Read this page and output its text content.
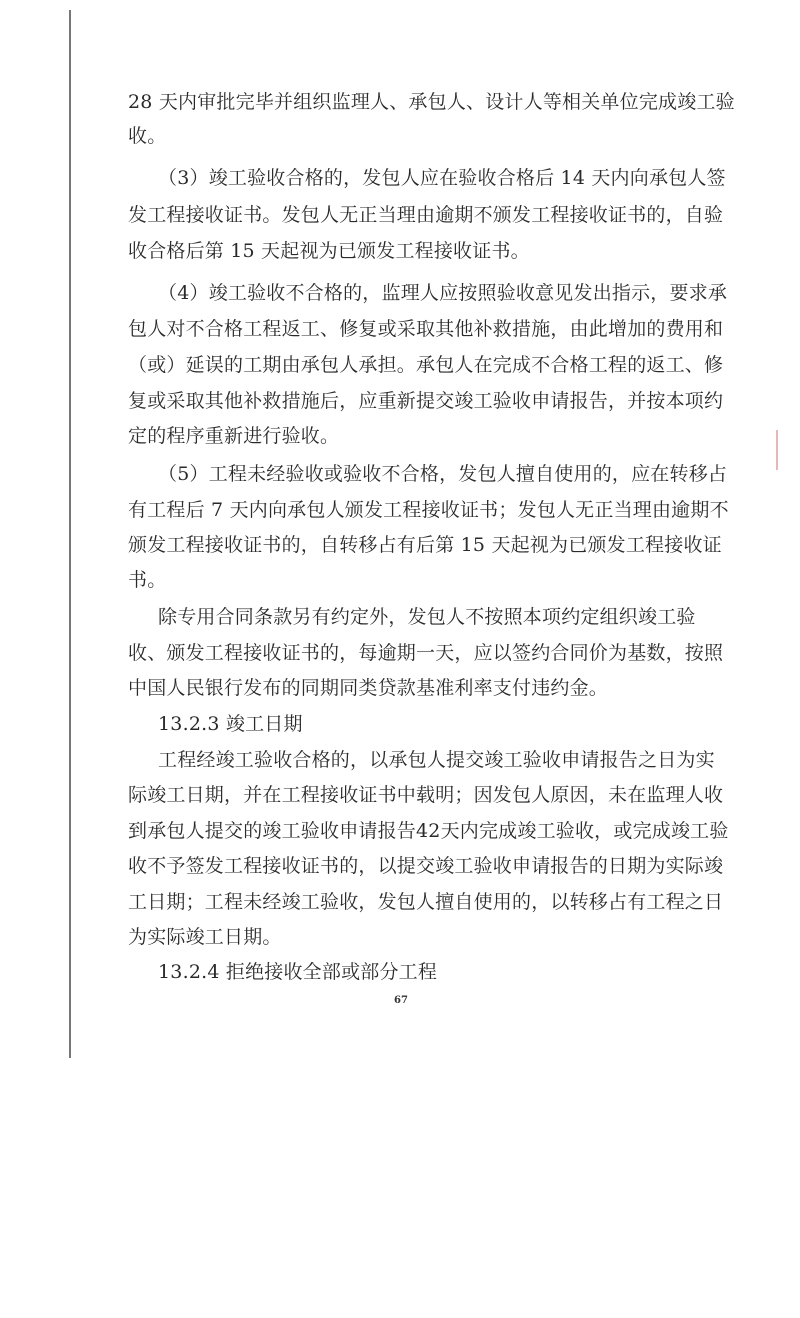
28 天内审批完毕并组织监理人、承包人、设计人等相关单位完成竣工验
收。
（3）竣工验收合格的，发包人应在验收合格后 14 天内向承包人签
发工程接收证书。发包人无正当理由逾期不颁发工程接收证书的，自验
收合格后第 15 天起视为已颁发工程接收证书。
（4）竣工验收不合格的，监理人应按照验收意见发出指示，要求承
包人对不合格工程返工、修复或采取其他补救措施，由此增加的费用和
（或）延误的工期由承包人承担。承包人在完成不合格工程的返工、修
复或采取其他补救措施后，应重新提交竣工验收申请报告，并按本项约
定的程序重新进行验收。
（5）工程未经验收或验收不合格，发包人擅自使用的，应在转移占
有工程后 7 天内向承包人颁发工程接收证书；发包人无正当理由逾期不
颁发工程接收证书的，自转移占有后第 15 天起视为已颁发工程接收证
书。
除专用合同条款另有约定外，发包人不按照本项约定组织竣工验
收、颁发工程接收证书的，每逾期一天，应以签约合同价为基数，按照
中国人民银行发布的同期同类贷款基准利率支付违约金。
13.2.3 竣工日期
工程经竣工验收合格的，以承包人提交竣工验收申请报告之日为实
际竣工日期，并在工程接收证书中载明；因发包人原因，未在监理人收
到承包人提交的竣工验收申请报告42天内完成竣工验收，或完成竣工验
收不予签发工程接收证书的，以提交竣工验收申请报告的日期为实际竣
工日期；工程未经竣工验收，发包人擅自使用的，以转移占有工程之日
为实际竣工日期。
13.2.4 拒绝接收全部或部分工程
67
